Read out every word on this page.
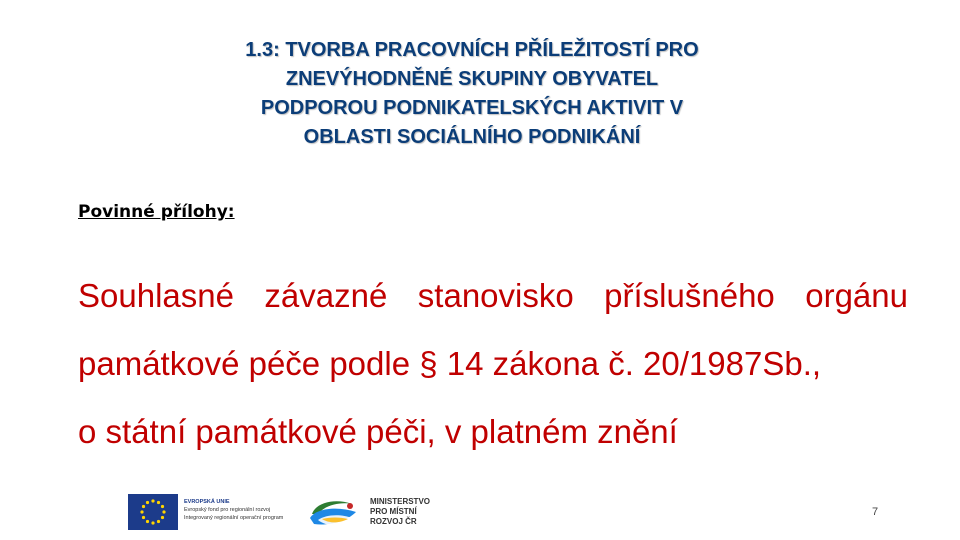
1.3: TVORBA PRACOVNÍCH PŘÍLEŽITOSTÍ PRO
ZNEVÝHODNĚNÉ SKUPINY OBYVATEL
PODPOROU PODNIKATELSKÝCH AKTIVIT V
OBLASTI SOCIÁLNÍHO PODNIKÁNÍ

Povinné přílohy:

Souhlasné závazné stanovisko příslušného orgánu
památkové péče podle § 14 zákona č. 20/1987Sb.,
o státní památkové péči, v platném znění

EVROPSKÁ UNIE
Evropský fond pro regionální rozvoj
Integrovaný regionální operační program
MINISTERSTVO
PRO MÍSTNÍ
ROZVOJ ČR
7
